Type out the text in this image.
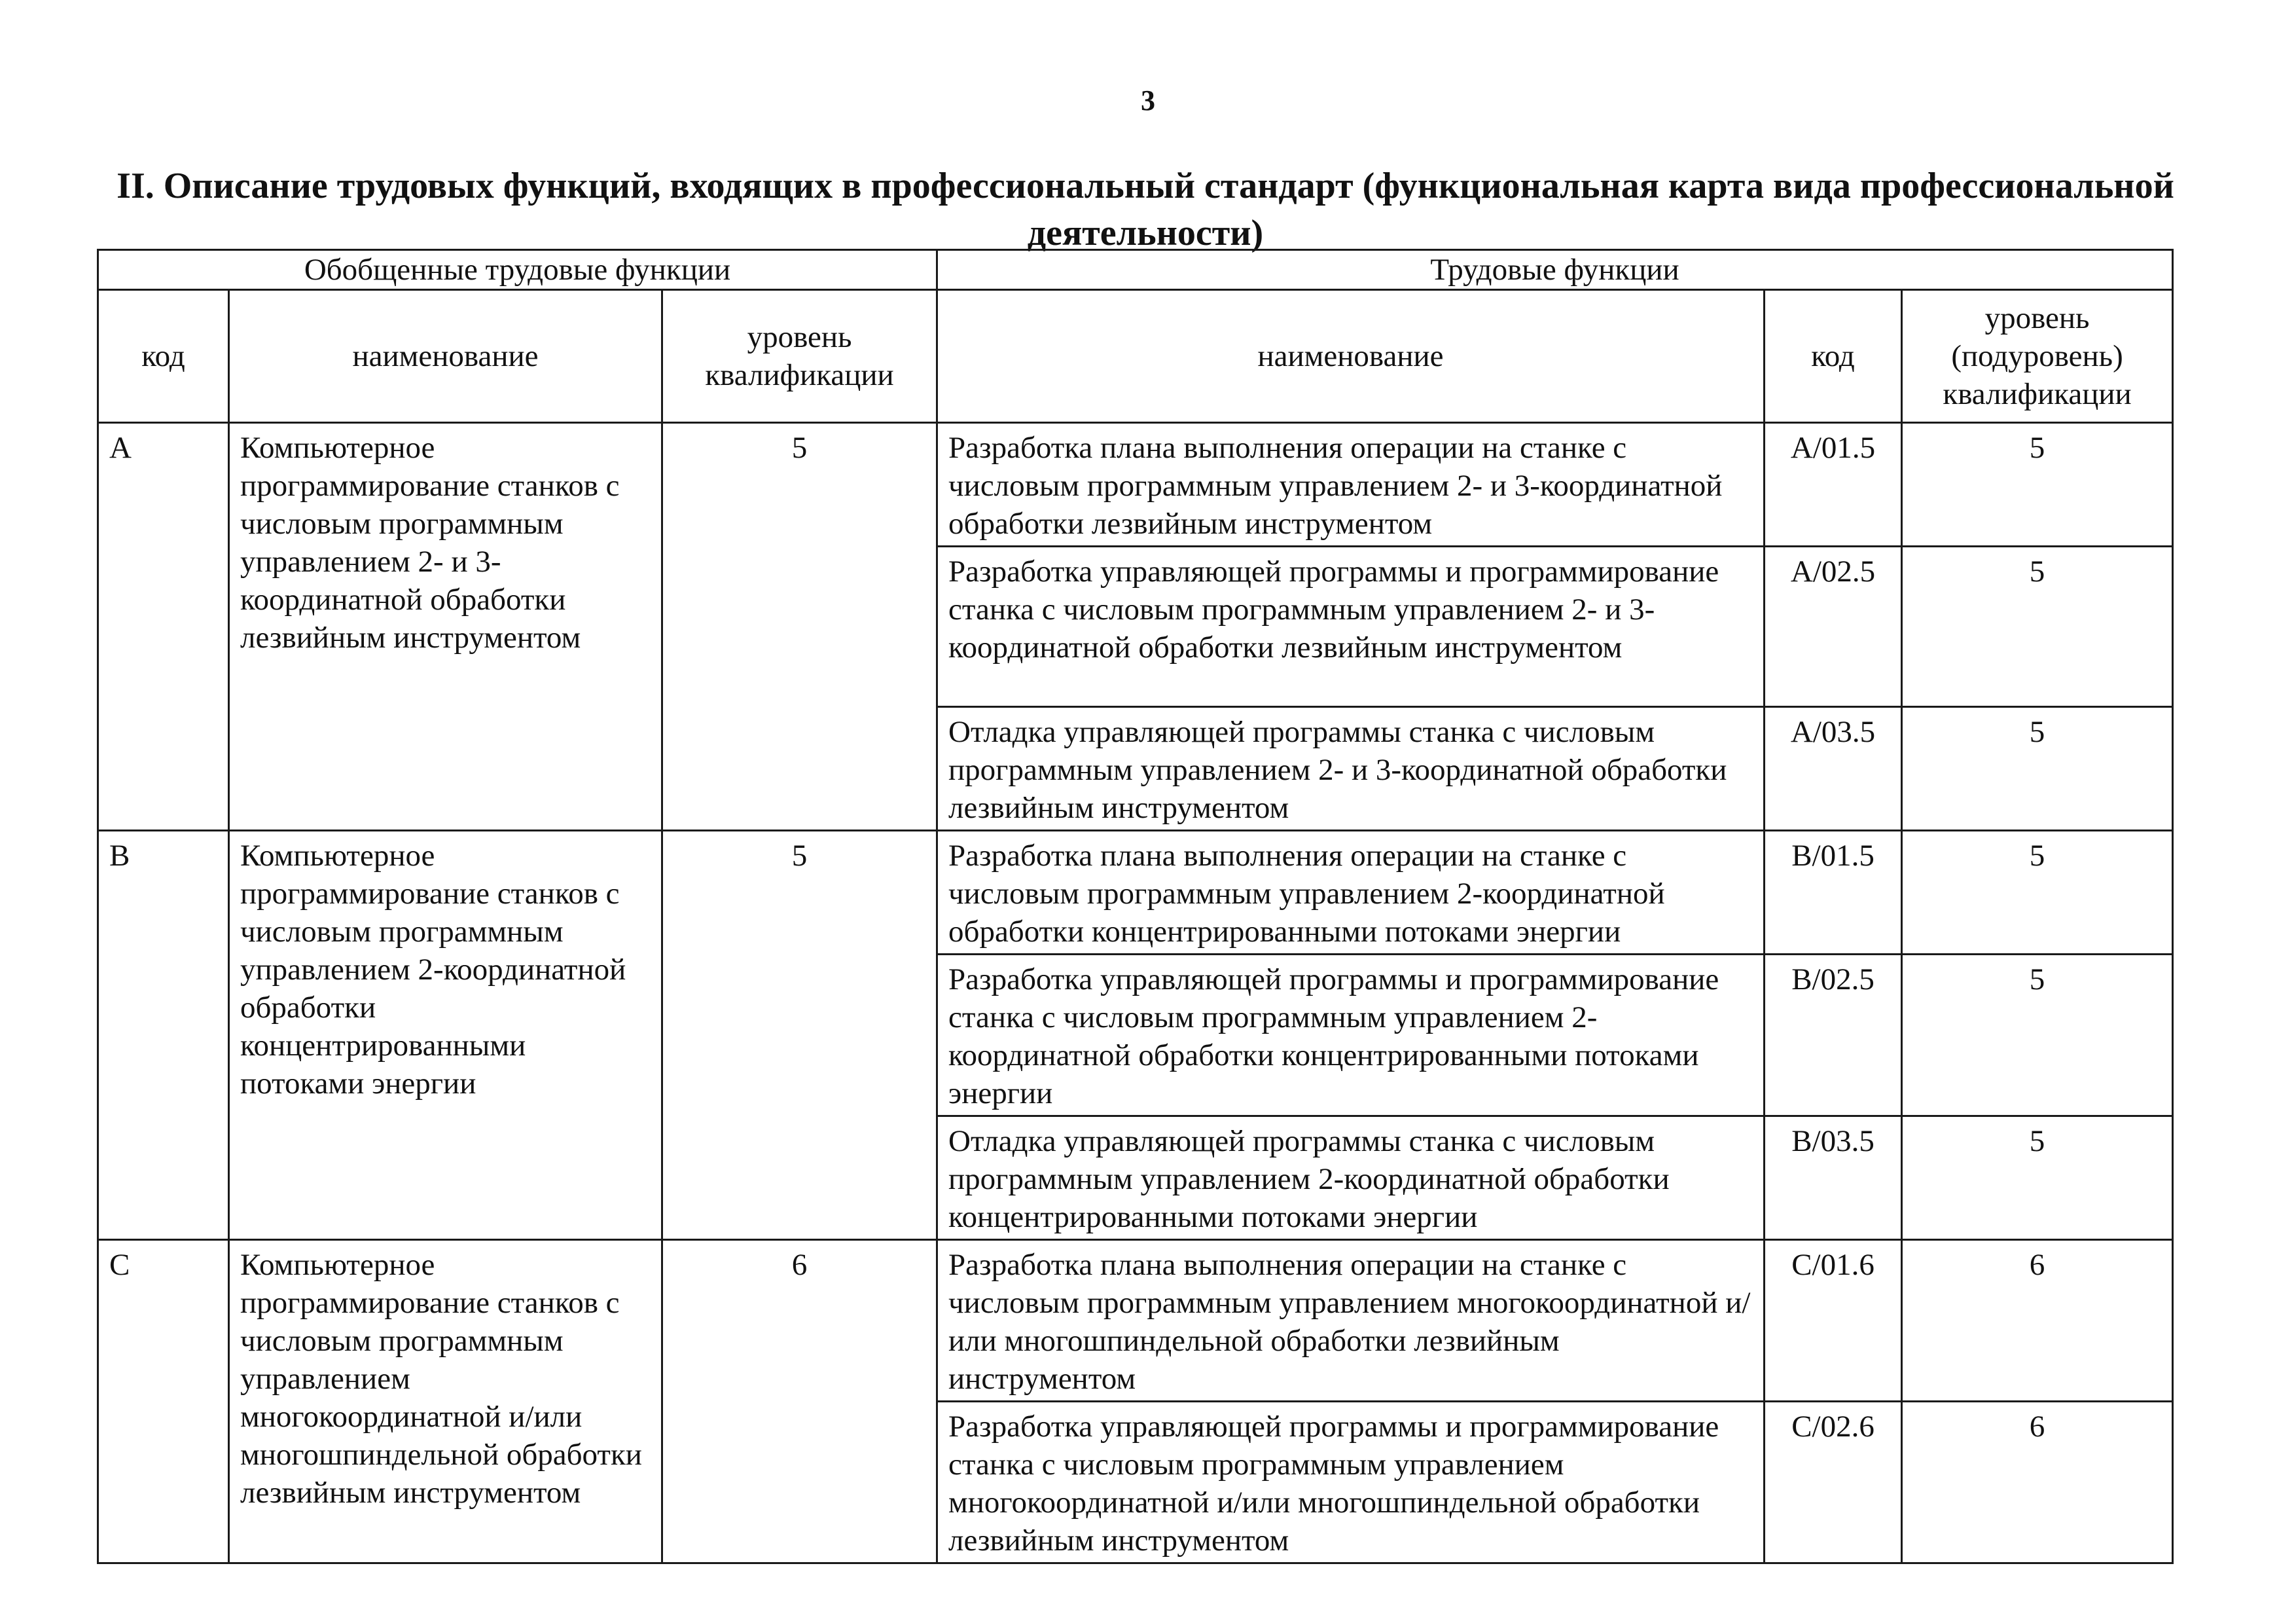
3
II. Описание трудовых функций, входящих в профессиональный стандарт (функциональная карта вида профессиональной деятельности)
Обобщенные трудовые функции			Трудовые функции		
код	наименование	уровень квалификации	наименование	код	уровень (подуровень) квалификации
A	Компьютерное программирование станков с числовым программным управлением 2- и 3-координатной обработки лезвийным инструментом	5	Разработка плана выполнения операции на станке с числовым программным управлением 2- и 3-координатной обработки лезвийным инструментом	A/01.5	5
			Разработка управляющей программы и программирование станка с числовым программным управлением 2- и 3-координатной обработки лезвийным инструментом	A/02.5	5
			Отладка управляющей программы станка с числовым программным управлением 2- и 3-координатной обработки лезвийным инструментом	A/03.5	5
B	Компьютерное программирование станков с числовым программным управлением 2-координатной обработки концентрированными потоками энергии	5	Разработка плана выполнения операции на станке с числовым программным управлением 2-координатной обработки концентрированными потоками энергии	B/01.5	5
			Разработка управляющей программы и программирование станка с числовым программным управлением 2-координатной обработки концентрированными потоками энергии	B/02.5	5
			Отладка управляющей программы станка с числовым программным управлением 2-координатной обработки концентрированными потоками энергии	B/03.5	5
C	Компьютерное программирование станков с числовым программным управлением многокоординатной и/или многошпиндельной обработки лезвийным инструментом	6	Разработка плана выполнения операции на станке с числовым программным управлением многокоординатной и/или многошпиндельной обработки лезвийным инструментом	C/01.6	6
			Разработка управляющей программы и программирование станка с числовым программным управлением многокоординатной и/или многошпиндельной обработки лезвийным инструментом	C/02.6	6
